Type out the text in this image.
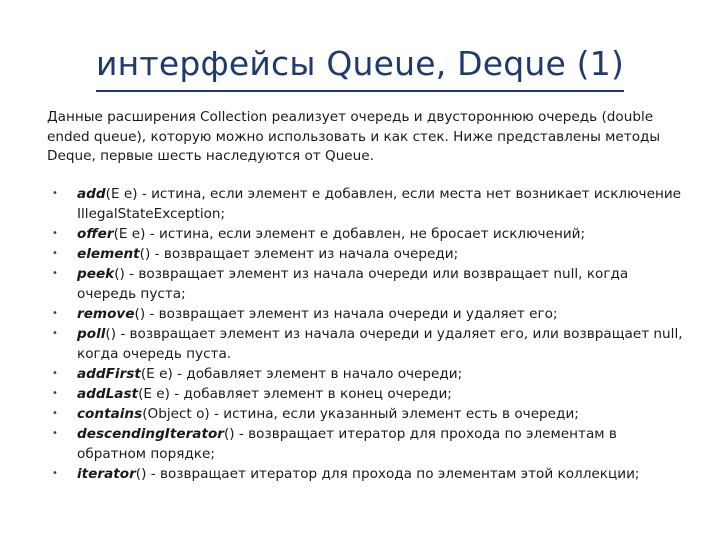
интерфейсы Queue, Deque (1)
Данные расширения Collection реализует очередь и двустороннюю очередь (double ended queue), которую можно использовать и как стек. Ниже представлены методы Deque, первые шесть наследуются от Queue.
• add(E e) - истина, если элемент e добавлен, если места нет возникает исключение IllegalStateException;
• offer(E e) - истина, если элемент e добавлен, не бросает исключений;
• element() - возвращает элемент из начала очереди;
• peek() - возвращает элемент из начала очереди или возвращает null, когда очередь пуста;
• remove() - возвращает элемент из начала очереди и удаляет его;
• poll() - возвращает элемент из начала очереди и удаляет его, или возвращает null, когда очередь пуста.
• addFirst(E e) - добавляет элемент в начало очереди;
• addLast(E e) - добавляет элемент в конец очереди;
• contains(Object o) - истина, если указанный элемент есть в очереди;
• descendingIterator() - возвращает итератор для прохода по элементам в обратном порядке;
• iterator() - возвращает итератор для прохода по элементам этой коллекции;
